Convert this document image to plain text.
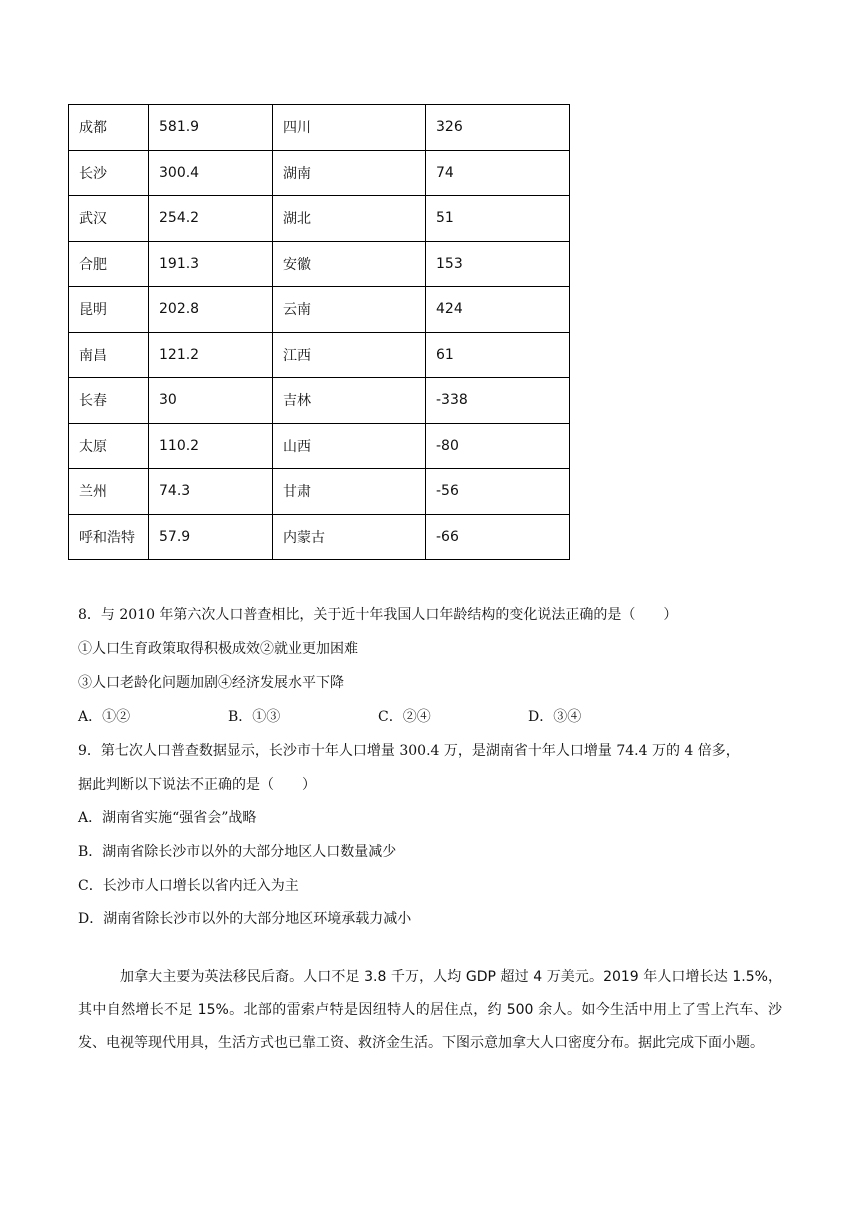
成都	581.9	四川	326
长沙	300.4	湖南	74
武汉	254.2	湖北	51
合肥	191.3	安徽	153
昆明	202.8	云南	424
南昌	121.2	江西	61
长春	30	吉林	-338
太原	110.2	山西	-80
兰州	74.3	甘肃	-56
呼和浩特	57.9	内蒙古	-66
8．与 2010 年第六次人口普查相比，关于近十年我国人口年龄结构的变化说法正确的是（　　）
①人口生育政策取得积极成效②就业更加困难
③人口老龄化问题加剧④经济发展水平下降
A．①②	B．①③	C．②④	D．③④
9．第七次人口普查数据显示，长沙市十年人口增量 300.4 万，是湖南省十年人口增量 74.4 万的 4 倍多，
据此判断以下说法不正确的是（　　）
A．湖南省实施“强省会”战略
B．湖南省除长沙市以外的大部分地区人口数量减少
C．长沙市人口增长以省内迁入为主
D．湖南省除长沙市以外的大部分地区环境承载力减小
加拿大主要为英法移民后裔。人口不足 3.8 千万，人均 GDP 超过 4 万美元。2019 年人口增长达 1.5%，其中自然增长不足 15%。北部的雷索卢特是因纽特人的居住点，约 500 余人。如今生活中用上了雪上汽车、沙发、电视等现代用具，生活方式也已靠工资、救济金生活。下图示意加拿大人口密度分布。据此完成下面小题。
